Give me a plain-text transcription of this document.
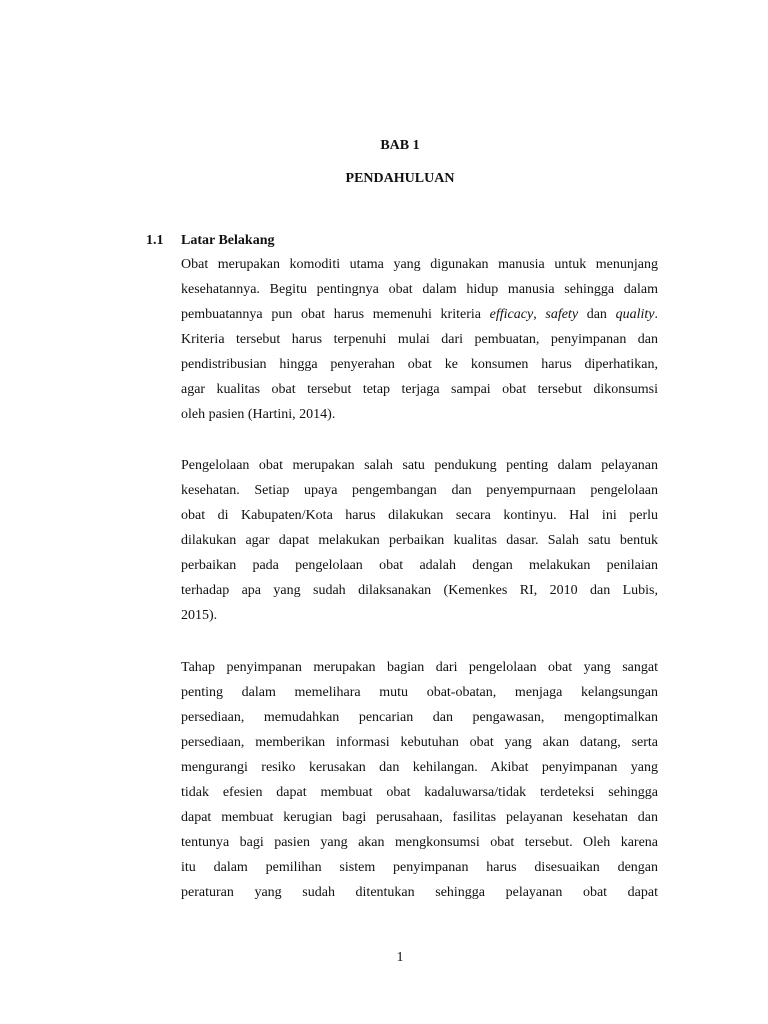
BAB 1
PENDAHULUAN
1.1 Latar Belakang
Obat merupakan komoditi utama yang digunakan manusia untuk menunjang
kesehatannya. Begitu pentingnya obat dalam hidup manusia sehingga dalam
pembuatannya pun obat harus memenuhi kriteria efficacy, safety dan quality.
Kriteria tersebut harus terpenuhi mulai dari pembuatan, penyimpanan dan
pendistribusian hingga penyerahan obat ke konsumen harus diperhatikan,
agar kualitas obat tersebut tetap terjaga sampai obat tersebut dikonsumsi
oleh pasien (Hartini, 2014).
Pengelolaan obat merupakan salah satu pendukung penting dalam pelayanan
kesehatan. Setiap upaya pengembangan dan penyempurnaan pengelolaan
obat di Kabupaten/Kota harus dilakukan secara kontinyu. Hal ini perlu
dilakukan agar dapat melakukan perbaikan kualitas dasar. Salah satu bentuk
perbaikan pada pengelolaan obat adalah dengan melakukan penilaian
terhadap apa yang sudah dilaksanakan (Kemenkes RI, 2010 dan Lubis,
2015).
Tahap penyimpanan merupakan bagian dari pengelolaan obat yang sangat
penting dalam memelihara mutu obat-obatan, menjaga kelangsungan
persediaan, memudahkan pencarian dan pengawasan, mengoptimalkan
persediaan, memberikan informasi kebutuhan obat yang akan datang, serta
mengurangi resiko kerusakan dan kehilangan. Akibat penyimpanan yang
tidak efesien dapat membuat obat kadaluwarsa/tidak terdeteksi sehingga
dapat membuat kerugian bagi perusahaan, fasilitas pelayanan kesehatan dan
tentunya bagi pasien yang akan mengkonsumsi obat tersebut. Oleh karena
itu dalam pemilihan sistem penyimpanan harus disesuaikan dengan
peraturan yang sudah ditentukan sehingga pelayanan obat dapat
1
